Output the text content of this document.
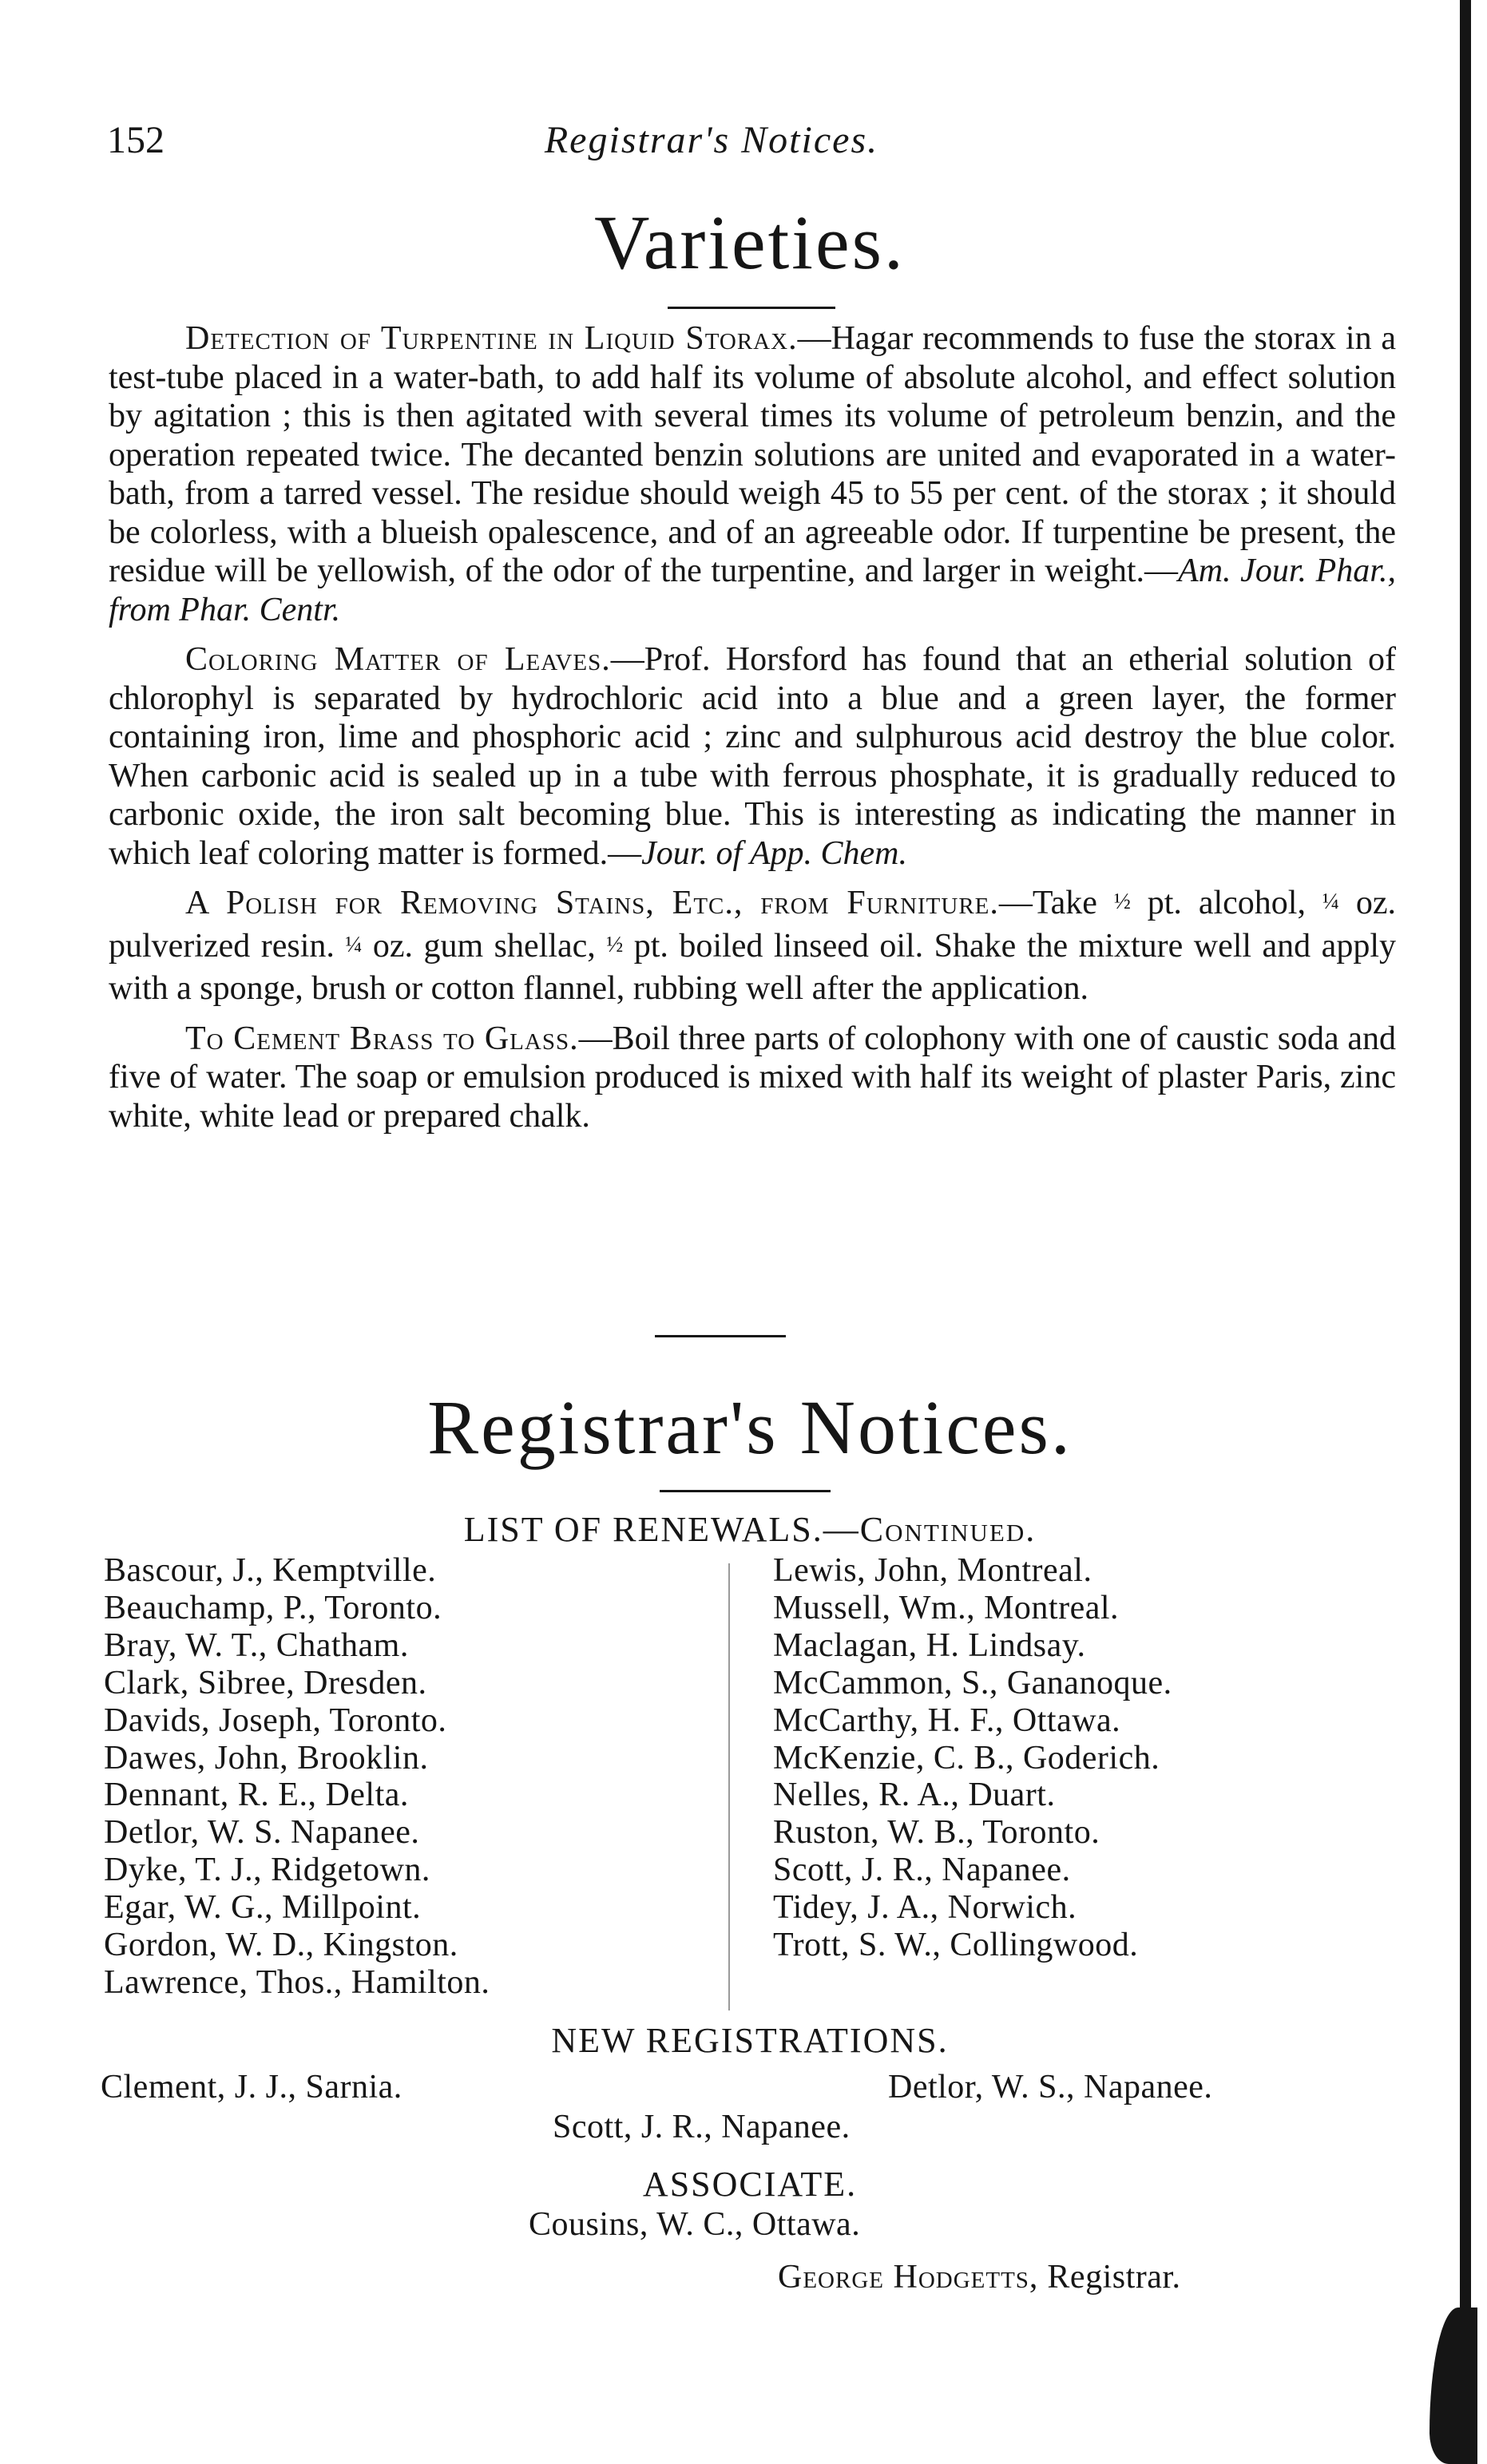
152	Registrar's Notices.
Varieties.

Detection of Turpentine in Liquid Storax.—Hagar recommends to fuse the storax in a test-tube placed in a water-bath, to add half its volume of absolute alcohol, and effect solution by agitation ; this is then agitated with several times its volume of petroleum benzin, and the operation repeated twice. The decanted benzin solutions are united and evaporated in a water-bath, from a tarred vessel. The residue should weigh 45 to 55 per cent. of the storax ; it should be colorless, with a blueish opalescence, and of an agreeable odor. If turpentine be present, the residue will be yellowish, of the odor of the turpentine, and larger in weight.—Am. Jour. Phar., from Phar. Centr.

Coloring Matter of Leaves.—Prof. Horsford has found that an etherial solution of chlorophyl is separated by hydrochloric acid into a blue and a green layer, the former containing iron, lime and phosphoric acid ; zinc and sulphurous acid destroy the blue color. When carbonic acid is sealed up in a tube with ferrous phosphate, it is gradually reduced to carbonic oxide, the iron salt becoming blue. This is interesting as indicating the manner in which leaf coloring matter is formed.—Jour. of App. Chem.

A Polish for Removing Stains, Etc., from Furniture.—Take ½ pt. alcohol, ¼ oz. pulverized resin. ¼ oz. gum shellac, ½ pt. boiled linseed oil. Shake the mixture well and apply with a sponge, brush or cotton flannel, rubbing well after the application.

To Cement Brass to Glass.—Boil three parts of colophony with one of caustic soda and five of water. The soap or emulsion produced is mixed with half its weight of plaster Paris, zinc white, white lead or prepared chalk.

Registrar's Notices.
LIST OF RENEWALS.—Continued.
Bascour, J., Kemptville.
Beauchamp, P., Toronto.
Bray, W. T., Chatham.
Clark, Sibree, Dresden.
Davids, Joseph, Toronto.
Dawes, John, Brooklin.
Dennant, R. E., Delta.
Detlor, W. S. Napanee.
Dyke, T. J., Ridgetown.
Egar, W. G., Millpoint.
Gordon, W. D., Kingston.
Lawrence, Thos., Hamilton.
Lewis, John, Montreal.
Mussell, Wm., Montreal.
Maclagan, H. Lindsay.
McCammon, S., Gananoque.
McCarthy, H. F., Ottawa.
McKenzie, C. B., Goderich.
Nelles, R. A., Duart.
Ruston, W. B., Toronto.
Scott, J. R., Napanee.
Tidey, J. A., Norwich.
Trott, S. W., Collingwood.
NEW REGISTRATIONS.
Clement, J. J., Sarnia.	Detlor, W. S., Napanee.
Scott, J. R., Napanee.
ASSOCIATE.
Cousins, W. C., Ottawa.
George Hodgetts, Registrar.
